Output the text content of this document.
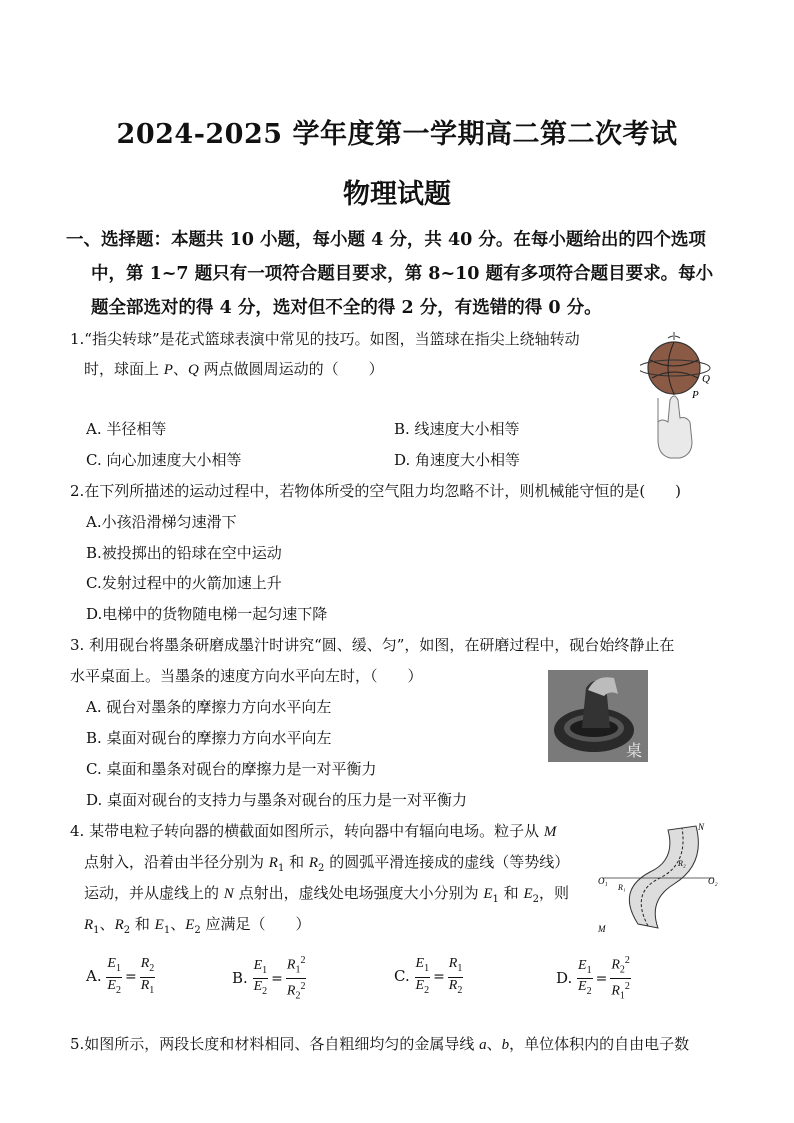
2024-2025 学年度第一学期高二第二次考试
物理试题
一、选择题：本题共 10 小题，每小题 4 分，共 40 分。在每小题给出的四个选项
中，第 1~7 题只有一项符合题目要求，第 8~10 题有多项符合题目要求。每小
题全部选对的得 4 分，选对但不全的得 2 分，有选错的得 0 分。
1.“指尖转球”是花式篮球表演中常见的技巧。如图，当篮球在指尖上绕轴转动
时，球面上 P、Q 两点做圆周运动的（　　）
Q
P
A. 半径相等	B. 线速度大小相等
C. 向心加速度大小相等	D. 角速度大小相等
2.在下列所描述的运动过程中，若物体所受的空气阻力均忽略不计，则机械能守恒的是(　　)
A.小孩沿滑梯匀速滑下
B.被投掷出的铅球在空中运动
C.发射过程中的火箭加速上升
D.电梯中的货物随电梯一起匀速下降
3. 利用砚台将墨条研磨成墨汁时讲究“圆、缓、匀”，如图，在研磨过程中，砚台始终静止在
水平桌面上。当墨条的速度方向水平向左时，（　　）
桌
A. 砚台对墨条的摩擦力方向水平向左
B. 桌面对砚台的摩擦力方向水平向左
C. 桌面和墨条对砚台的摩擦力是一对平衡力
D. 桌面对砚台的支持力与墨条对砚台的压力是一对平衡力
4. 某带电粒子转向器的横截面如图所示，转向器中有辐向电场。粒子从 M
点射入，沿着由半径分别为 $R_1$ 和 $R_2$ 的圆弧平滑连接成的虚线（等势线）
运动，并从虚线上的 N 点射出，虚线处电场强度大小分别为 $E_1$ 和 $E_2$，则
$R_1$、$R_2$ 和 $E_1$、$E_2$ 应满足（　　）
N
M
O₁	O₂
R₁
R₂
A. $\frac{E_1}{E_2} = \frac{R_2}{R_1}$	B. $\frac{E_1}{E_2} = \frac{R_1^2}{R_2^2}$	C. $\frac{E_1}{E_2} = \frac{R_1}{R_2}$	D. $\frac{E_1}{E_2} = \frac{R_2^2}{R_1^2}$
5.如图所示，两段长度和材料相同、各自粗细均匀的金属导线 a、b，单位体积内的自由电子数
